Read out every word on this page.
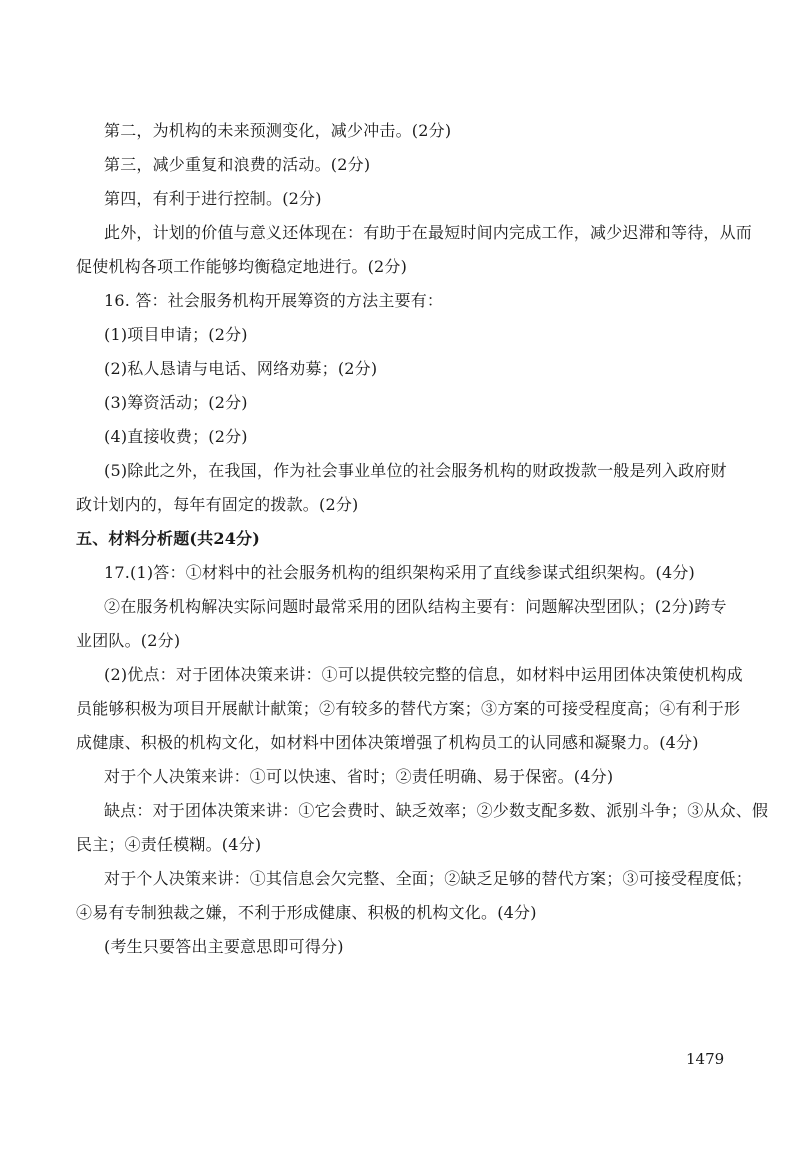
第二，为机构的未来预测变化，减少冲击。(2分)
第三，减少重复和浪费的活动。(2分)
第四，有利于进行控制。(2分)
此外，计划的价值与意义还体现在：有助于在最短时间内完成工作，减少迟滞和等待，从而
促使机构各项工作能够均衡稳定地进行。(2分)
16. 答：社会服务机构开展筹资的方法主要有：
(1)项目申请；(2分)
(2)私人恳请与电话、网络劝募；(2分)
(3)筹资活动；(2分)
(4)直接收费；(2分)
(5)除此之外，在我国，作为社会事业单位的社会服务机构的财政拨款一般是列入政府财
政计划内的，每年有固定的拨款。(2分)
五、材料分析题(共24分)
17.(1)答：①材料中的社会服务机构的组织架构采用了直线参谋式组织架构。(4分)
②在服务机构解决实际问题时最常采用的团队结构主要有：问题解决型团队；(2分)跨专
业团队。(2分)
(2)优点：对于团体决策来讲：①可以提供较完整的信息，如材料中运用团体决策使机构成
员能够积极为项目开展献计献策；②有较多的替代方案；③方案的可接受程度高；④有利于形
成健康、积极的机构文化，如材料中团体决策增强了机构员工的认同感和凝聚力。(4分)
对于个人决策来讲：①可以快速、省时；②责任明确、易于保密。(4分)
缺点：对于团体决策来讲：①它会费时、缺乏效率；②少数支配多数、派别斗争；③从众、假
民主；④责任模糊。(4分)
对于个人决策来讲：①其信息会欠完整、全面；②缺乏足够的替代方案；③可接受程度低；
④易有专制独裁之嫌，不利于形成健康、积极的机构文化。(4分)
(考生只要答出主要意思即可得分)
1479
